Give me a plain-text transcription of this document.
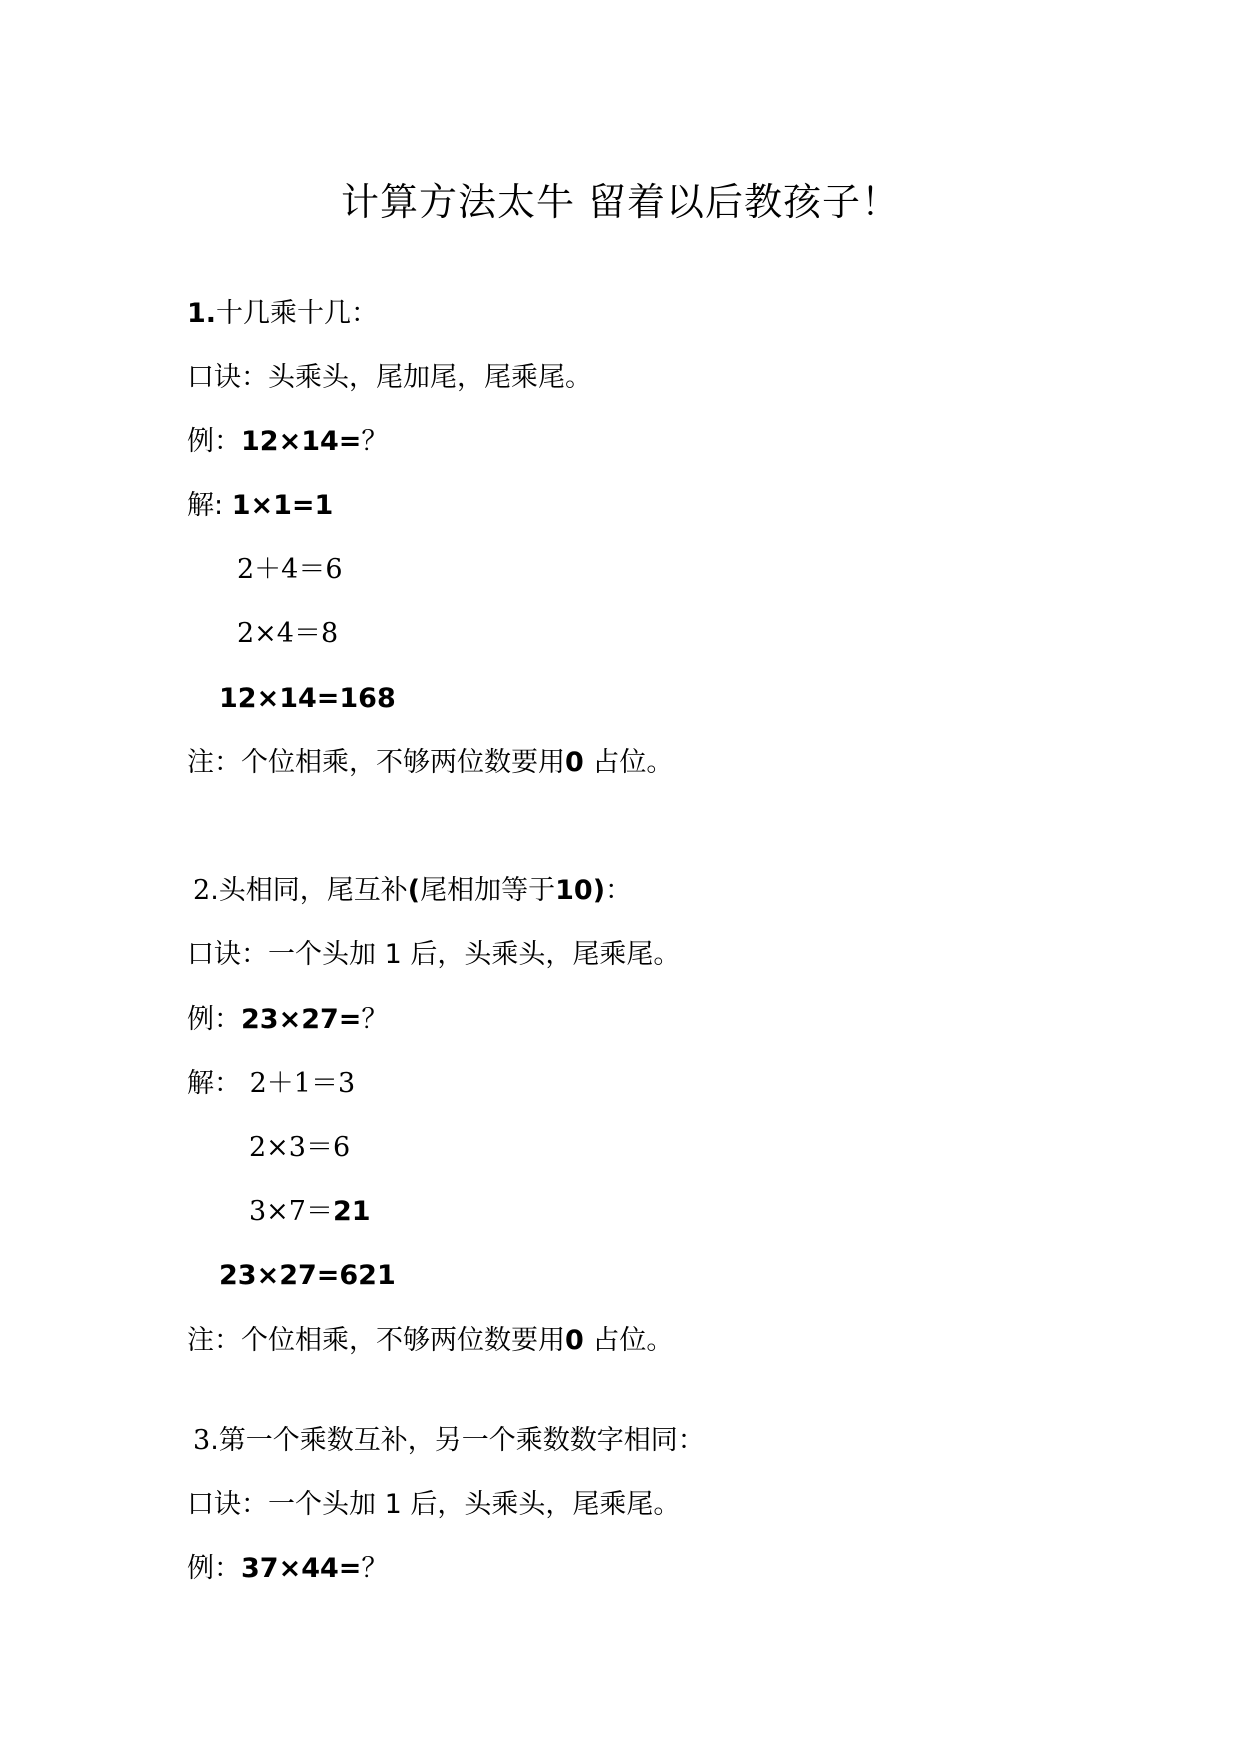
计算方法太牛 留着以后教孩子！
1.十几乘十几：
口诀：头乘头，尾加尾，尾乘尾。
例：12×14=？
解: 1×1=1
2＋4＝6
2×4＝8
12×14=168
注：个位相乘，不够两位数要用0 占位。
2.头相同，尾互补(尾相加等于10)：
口诀：一个头加 1 后，头乘头，尾乘尾。
例：23×27=？
解： 2＋1＝3
2×3＝6
3×7＝21
23×27=621
注：个位相乘，不够两位数要用0 占位。
3.第一个乘数互补，另一个乘数数字相同：
口诀：一个头加 1 后，头乘头，尾乘尾。
例：37×44=？
